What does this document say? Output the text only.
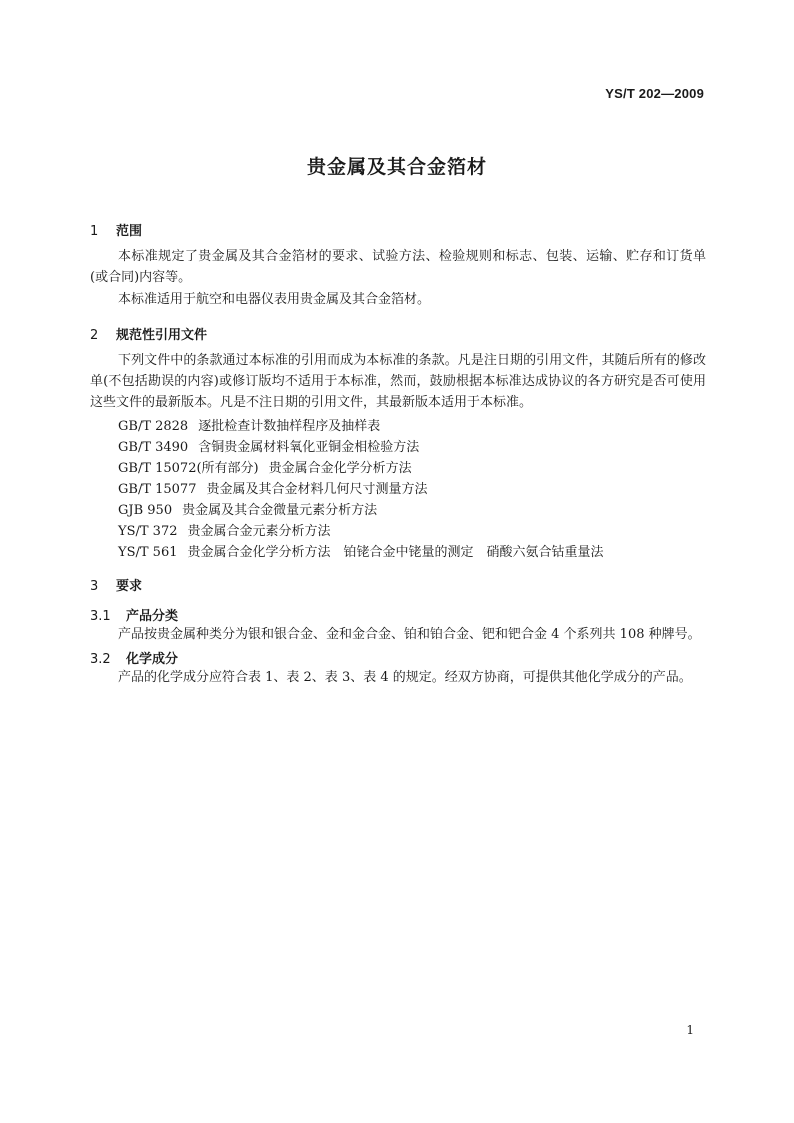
YS/T 202—2009
贵金属及其合金箔材
1 范围
本标准规定了贵金属及其合金箔材的要求、试验方法、检验规则和标志、包装、运输、贮存和订货单(或合同)内容等。
本标准适用于航空和电器仪表用贵金属及其合金箔材。
2 规范性引用文件
下列文件中的条款通过本标准的引用而成为本标准的条款。凡是注日期的引用文件，其随后所有的修改单(不包括勘误的内容)或修订版均不适用于本标准，然而，鼓励根据本标准达成协议的各方研究是否可使用这些文件的最新版本。凡是不注日期的引用文件，其最新版本适用于本标准。
GB/T 2828 逐批检查计数抽样程序及抽样表
GB/T 3490 含铜贵金属材料氧化亚铜金相检验方法
GB/T 15072(所有部分) 贵金属合金化学分析方法
GB/T 15077 贵金属及其合金材料几何尺寸测量方法
GJB 950 贵金属及其合金微量元素分析方法
YS/T 372 贵金属合金元素分析方法
YS/T 561 贵金属合金化学分析方法　铂铑合金中铑量的测定　硝酸六氨合钴重量法
3 要求
3.1 产品分类
产品按贵金属种类分为银和银合金、金和金合金、铂和铂合金、钯和钯合金 4 个系列共 108 种牌号。
3.2 化学成分
产品的化学成分应符合表 1、表 2、表 3、表 4 的规定。经双方协商，可提供其他化学成分的产品。
1
